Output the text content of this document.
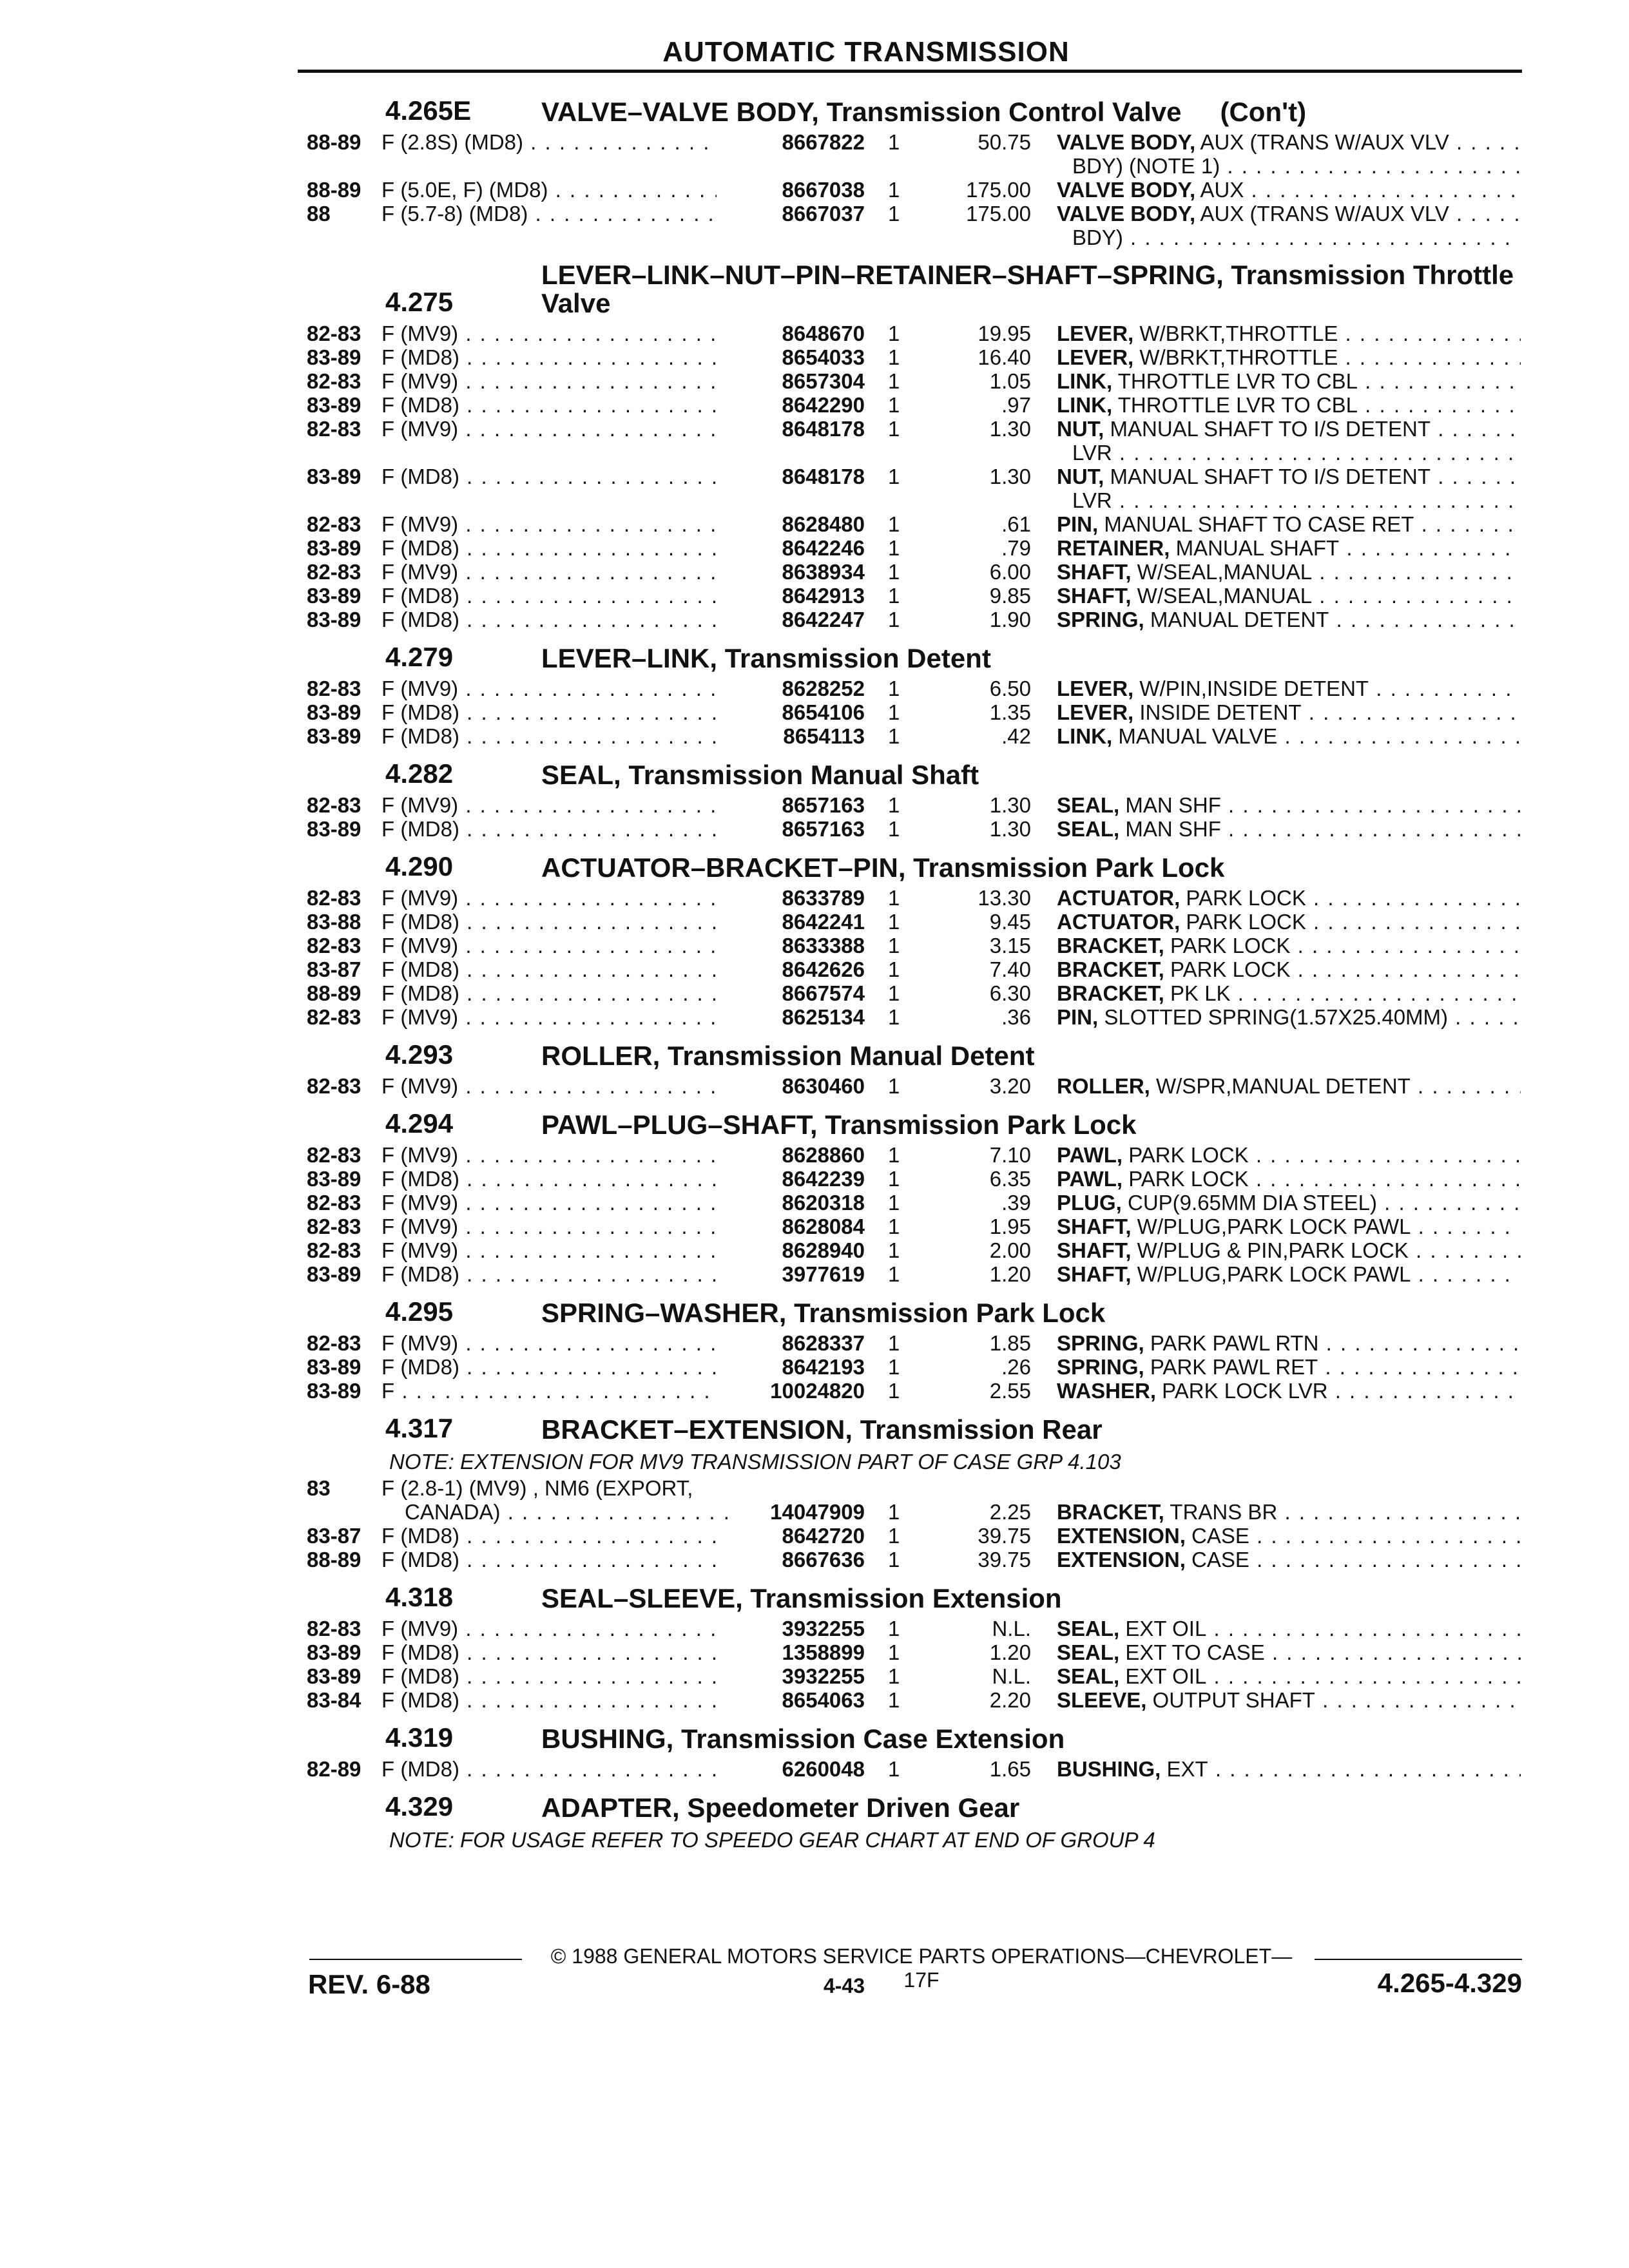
AUTOMATIC TRANSMISSION
4.265E	VALVE–VALVE BODY, Transmission Control Valve (Con't)
88-89 F (2.8S) (MD8) . . .	8667822 1	50.75 VALVE BODY, AUX (TRANS W/AUX VLV . . .
BDY) (NOTE 1) . . .
88-89 F (5.0E, F) (MD8) . . .	8667038 1	175.00 VALVE BODY, AUX . . .
88 F (5.7-8) (MD8) . . .	8667037 1	175.00 VALVE BODY, AUX (TRANS W/AUX VLV . . .
BDY) . . .
4.275
LEVER–LINK–NUT–PIN–RETAINER–SHAFT–SPRING, Transmission Throttle Valve
82-83 F (MV9) . . .	8648670 1	19.95 LEVER, W/BRKT,THROTTLE . . .
83-89 F (MD8) . . .	8654033 1	16.40 LEVER, W/BRKT,THROTTLE . . .
82-83 F (MV9) . . .	8657304 1	1.05 LINK, THROTTLE LVR TO CBL . . .
83-89 F (MD8) . . .	8642290 1	.97 LINK, THROTTLE LVR TO CBL . . .
82-83 F (MV9) . . .	8648178 1	1.30 NUT, MANUAL SHAFT TO I/S DETENT . . .
LVR . . .
83-89 F (MD8) . . .	8648178 1	1.30 NUT, MANUAL SHAFT TO I/S DETENT . . .
LVR . . .
82-83 F (MV9) . . .	8628480 1	.61 PIN, MANUAL SHAFT TO CASE RET . . .
83-89 F (MD8) . . .	8642246 1	.79 RETAINER, MANUAL SHAFT . . .
82-83 F (MV9) . . .	8638934 1	6.00 SHAFT, W/SEAL,MANUAL . . .
83-89 F (MD8) . . .	8642913 1	9.85 SHAFT, W/SEAL,MANUAL . . .
83-89 F (MD8) . . .	8642247 1	1.90 SPRING, MANUAL DETENT . . .
4.279	LEVER–LINK, Transmission Detent
82-83 F (MV9) . . .	8628252 1	6.50 LEVER, W/PIN,INSIDE DETENT . . .
83-89 F (MD8) . . .	8654106 1	1.35 LEVER, INSIDE DETENT . . .
83-89 F (MD8) . . .	8654113 1	.42 LINK, MANUAL VALVE . . .
4.282	SEAL, Transmission Manual Shaft
82-83 F (MV9) . . .	8657163 1	1.30 SEAL, MAN SHF . . .
83-89 F (MD8) . . .	8657163 1	1.30 SEAL, MAN SHF . . .
4.290	ACTUATOR–BRACKET–PIN, Transmission Park Lock
82-83 F (MV9) . . .	8633789 1	13.30 ACTUATOR, PARK LOCK . . .
83-88 F (MD8) . . .	8642241 1	9.45 ACTUATOR, PARK LOCK . . .
82-83 F (MV9) . . .	8633388 1	3.15 BRACKET, PARK LOCK . . .
83-87 F (MD8) . . .	8642626 1	7.40 BRACKET, PARK LOCK . . .
88-89 F (MD8) . . .	8667574 1	6.30 BRACKET, PK LK . . .
82-83 F (MV9) . . .	8625134 1	.36 PIN, SLOTTED SPRING(1.57X25.40MM) . . .
4.293	ROLLER, Transmission Manual Detent
82-83 F (MV9) . . .	8630460 1	3.20 ROLLER, W/SPR,MANUAL DETENT . . .
4.294	PAWL–PLUG–SHAFT, Transmission Park Lock
82-83 F (MV9) . . .	8628860 1	7.10 PAWL, PARK LOCK . . .
83-89 F (MD8) . . .	8642239 1	6.35 PAWL, PARK LOCK . . .
82-83 F (MV9) . . .	8620318 1	.39 PLUG, CUP(9.65MM DIA STEEL) . . .
82-83 F (MV9) . . .	8628084 1	1.95 SHAFT, W/PLUG,PARK LOCK PAWL . . .
82-83 F (MV9) . . .	8628940 1	2.00 SHAFT, W/PLUG & PIN,PARK LOCK . . .
83-89 F (MD8) . . .	3977619 1	1.20 SHAFT, W/PLUG,PARK LOCK PAWL . . .
4.295	SPRING–WASHER, Transmission Park Lock
82-83 F (MV9) . . .	8628337 1	1.85 SPRING, PARK PAWL RTN . . .
83-89 F (MD8) . . .	8642193 1	.26 SPRING, PARK PAWL RET . . .
83-89 F . . .	10024820 1	2.55 WASHER, PARK LOCK LVR . . .
4.317	BRACKET–EXTENSION, Transmission Rear
NOTE: EXTENSION FOR MV9 TRANSMISSION PART OF CASE GRP 4.103
83 F (2.8-1) (MV9) , NM6 (EXPORT,
CANADA) . . .	14047909 1	2.25 BRACKET, TRANS BR . . .
83-87 F (MD8) . . .	8642720 1	39.75 EXTENSION, CASE . . .
88-89 F (MD8) . . .	8667636 1	39.75 EXTENSION, CASE . . .
4.318	SEAL–SLEEVE, Transmission Extension
82-83 F (MV9) . . .	3932255 1	N.L. SEAL, EXT OIL . . .
83-89 F (MD8) . . .	1358899 1	1.20 SEAL, EXT TO CASE . . .
83-89 F (MD8) . . .	3932255 1	N.L. SEAL, EXT OIL . . .
83-84 F (MD8) . . .	8654063 1	2.20 SLEEVE, OUTPUT SHAFT . . .
4.319	BUSHING, Transmission Case Extension
82-89 F (MD8) . . .	6260048 1	1.65 BUSHING, EXT . . .
4.329	ADAPTER, Speedometer Driven Gear
NOTE: FOR USAGE REFER TO SPEEDO GEAR CHART AT END OF GROUP 4
© 1988 GENERAL MOTORS SERVICE PARTS OPERATIONS—CHEVROLET—17F
REV. 6-88	4-43	4.265-4.329
